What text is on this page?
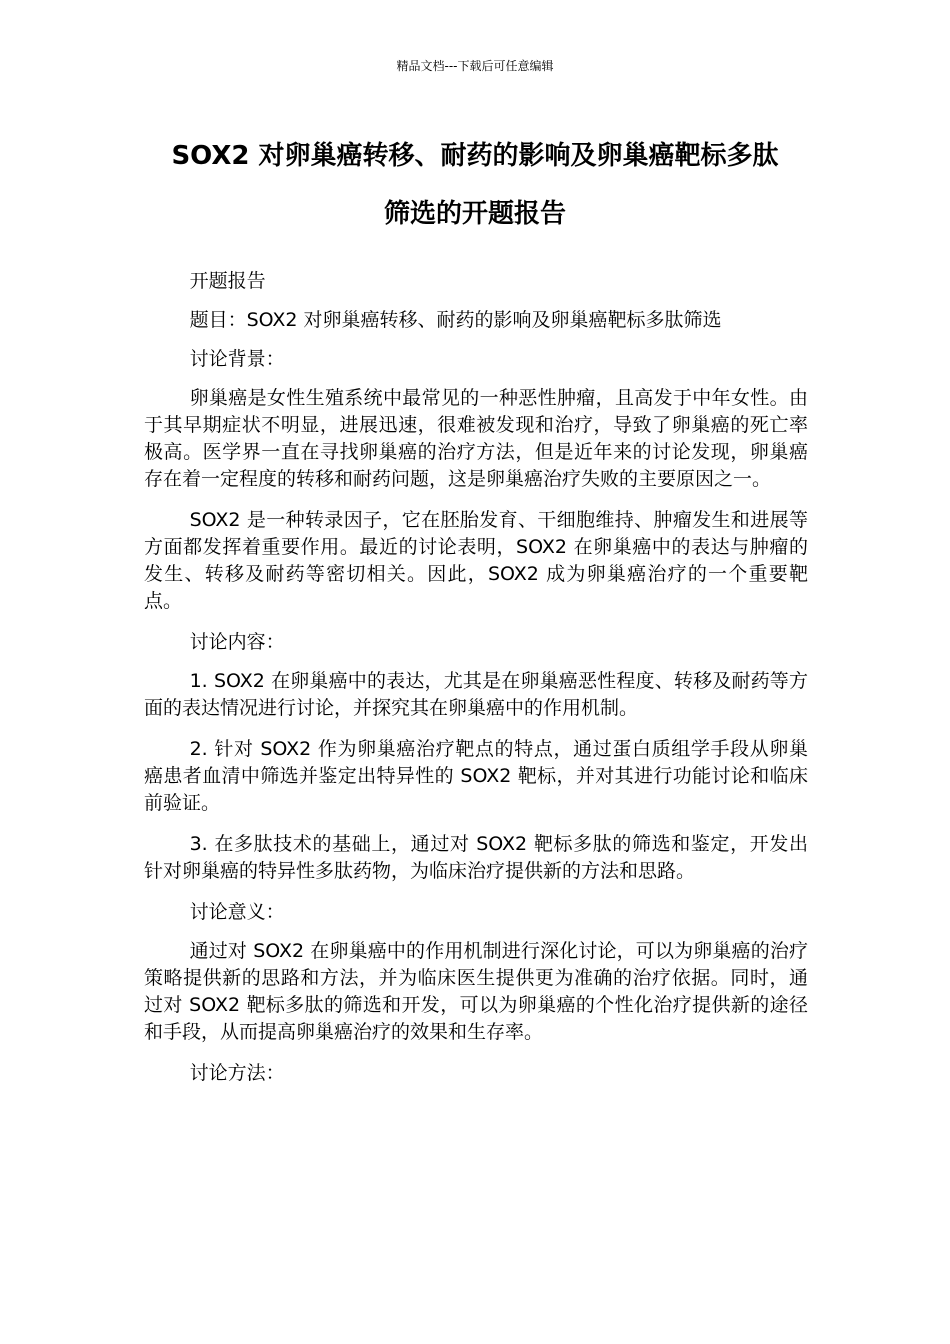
精品文档---下载后可任意编辑
SOX2 对卵巢癌转移、耐药的影响及卵巢癌靶标多肽
筛选的开题报告

开题报告

题目：SOX2 对卵巢癌转移、耐药的影响及卵巢癌靶标多肽筛选

讨论背景：

卵巢癌是女性生殖系统中最常见的一种恶性肿瘤，且高发于中年女性。由于其早期症状不明显，进展迅速，很难被发现和治疗，导致了卵巢癌的死亡率极高。医学界一直在寻找卵巢癌的治疗方法，但是近年来的讨论发现，卵巢癌存在着一定程度的转移和耐药问题，这是卵巢癌治疗失败的主要原因之一。

SOX2 是一种转录因子，它在胚胎发育、干细胞维持、肿瘤发生和进展等方面都发挥着重要作用。最近的讨论表明，SOX2 在卵巢癌中的表达与肿瘤的发生、转移及耐药等密切相关。因此，SOX2 成为卵巢癌治疗的一个重要靶点。

讨论内容：

1. SOX2 在卵巢癌中的表达，尤其是在卵巢癌恶性程度、转移及耐药等方面的表达情况进行讨论，并探究其在卵巢癌中的作用机制。

2. 针对 SOX2 作为卵巢癌治疗靶点的特点，通过蛋白质组学手段从卵巢癌患者血清中筛选并鉴定出特异性的 SOX2 靶标，并对其进行功能讨论和临床前验证。

3. 在多肽技术的基础上，通过对 SOX2 靶标多肽的筛选和鉴定，开发出针对卵巢癌的特异性多肽药物，为临床治疗提供新的方法和思路。

讨论意义：

通过对 SOX2 在卵巢癌中的作用机制进行深化讨论，可以为卵巢癌的治疗策略提供新的思路和方法，并为临床医生提供更为准确的治疗依据。同时，通过对 SOX2 靶标多肽的筛选和开发，可以为卵巢癌的个性化治疗提供新的途径和手段，从而提高卵巢癌治疗的效果和生存率。

讨论方法：
